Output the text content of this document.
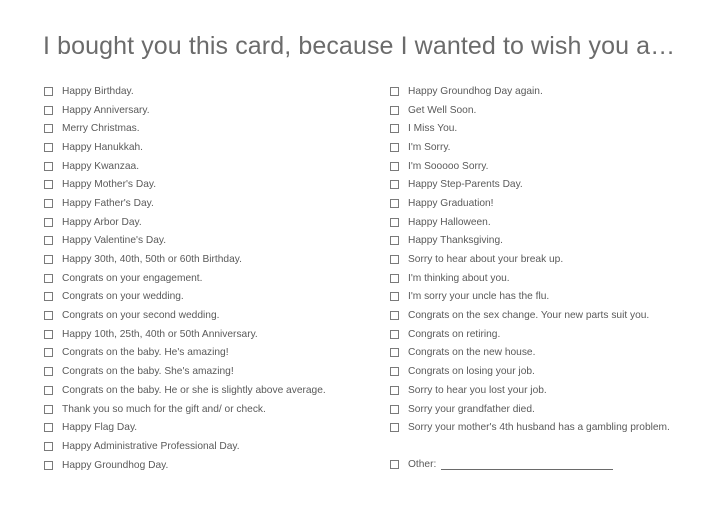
I bought you this card, because I wanted to wish you a…
Happy Birthday.
Happy Anniversary.
Merry Christmas.
Happy Hanukkah.
Happy Kwanzaa.
Happy Mother's Day.
Happy Father's Day.
Happy Arbor Day.
Happy Valentine's Day.
Happy 30th, 40th, 50th or 60th Birthday.
Congrats on your engagement.
Congrats on your wedding.
Congrats on your second wedding.
Happy 10th, 25th, 40th or 50th Anniversary.
Congrats on the baby. He's amazing!
Congrats on the baby. She's amazing!
Congrats on the baby. He or she is slightly above average.
Thank you so much for the gift and/ or check.
Happy Flag Day.
Happy Administrative Professional Day.
Happy Groundhog Day.
Happy Groundhog Day again.
Get Well Soon.
I Miss You.
I'm Sorry.
I'm Sooooo Sorry.
Happy Step-Parents Day.
Happy Graduation!
Happy Halloween.
Happy Thanksgiving.
Sorry to hear about your break up.
I'm thinking about you.
I'm sorry your uncle has the flu.
Congrats on the sex change. Your new parts suit you.
Congrats on retiring.
Congrats on the new house.
Congrats on losing your job.
Sorry to hear you lost your job.
Sorry your grandfather died.
Sorry your mother's 4th husband has a gambling problem.
Other:
